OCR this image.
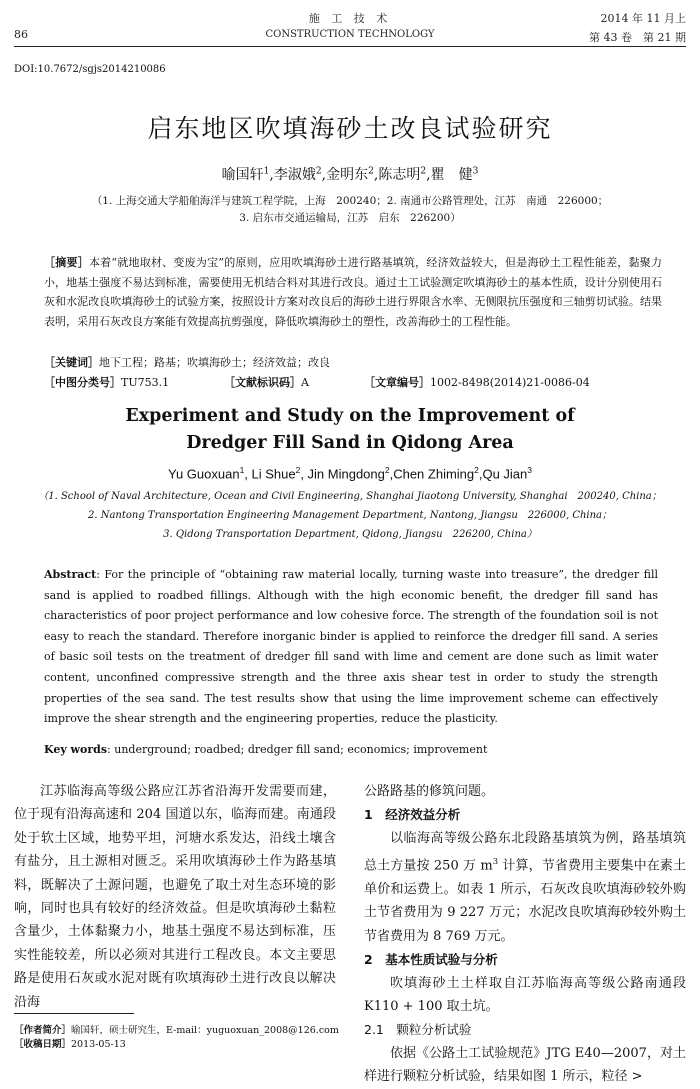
86
施 工 技 术
CONSTRUCTION TECHNOLOGY
2014 年 11 月上
第 43 卷　第 21 期
DOI:10.7672/sgjs2014210086
启东地区吹填海砂土改良试验研究
喻国轩$^1$,李淑娥$^2$,金明东$^2$,陈志明$^2$,瞿　健$^3$
（1. 上海交通大学船舶海洋与建筑工程学院，上海　200240；2. 南通市公路管理处，江苏　南通　226000；
3. 启东市交通运输局，江苏　启东　226200）
［摘要］本着“就地取材、变废为宝”的原则，应用吹填海砂土进行路基填筑，经济效益较大，但是海砂土工程性能差，黏聚力小，地基土强度不易达到标准，需要使用无机结合料对其进行改良。通过土工试验测定吹填海砂土的基本性质，设计分别使用石灰和水泥改良吹填海砂土的试验方案，按照设计方案对改良后的海砂土进行界限含水率、无侧限抗压强度和三轴剪切试验。结果表明，采用石灰改良方案能有效提高抗剪强度，降低吹填海砂土的塑性，改善海砂土的工程性能。
［关键词］地下工程；路基；吹填海砂土；经济效益；改良
［中图分类号］TU753.1	［文献标识码］A	［文章编号］1002-8498(2014)21-0086-04
Experiment and Study on the Improvement of
Dredger Fill Sand in Qidong Area
Yu Guoxuan$^1$, Li Shue$^2$, Jin Mingdong$^2$,Chen Zhiming$^2$,Qu Jian$^3$
（1. School of Naval Architecture, Ocean and Civil Engineering, Shanghai Jiaotong University, Shanghai　200240, China；
2. Nantong Transportation Engineering Management Department, Nantong, Jiangsu　226000, China；
3. Qidong Transportation Department, Qidong, Jiangsu　226200, China）
Abstract: For the principle of “obtaining raw material locally, turning waste into treasure”, the dredger fill sand is applied to roadbed fillings. Although with the high economic benefit, the dredger fill sand has characteristics of poor project performance and low cohesive force. The strength of the foundation soil is not easy to reach the standard. Therefore inorganic binder is applied to reinforce the dredger fill sand. A series of basic soil tests on the treatment of dredger fill sand with lime and cement are done such as limit water content, unconfined compressive strength and the three axis shear test in order to study the strength properties of the sea sand. The test results show that using the lime improvement scheme can effectively improve the shear strength and the engineering properties, reduce the plasticity.
Key words: underground; roadbed; dredger fill sand; economics; improvement

江苏临海高等级公路应江苏省沿海开发需要而建，位于现有沿海高速和 204 国道以东，临海而建。南通段处于软土区域，地势平坦，河塘水系发达，沿线土壤含有盐分，且土源相对匮乏。采用吹填海砂土作为路基填料，既解决了土源问题，也避免了取土对生态环境的影响，同时也具有较好的经济效益。但是吹填海砂土黏粒含量少，土体黏聚力小，地基土强度不易达到标准，压实性能较差，所以必须对其进行工程改良。本文主要思路是使用石灰或水泥对既有吹填海砂土进行改良以解决沿海

［作者简介］喻国轩，硕士研究生，E-mail：yuguoxuan_2008@126.com
［收稿日期］2013-05-13
公路路基的修筑问题。
1　经济效益分析

以临海高等级公路东北段路基填筑为例，路基填筑总土方量按 250 万 $m^3$ 计算，节省费用主要集中在素土单价和运费上。如表 1 所示，石灰改良吹填海砂较外购土节省费用为 9 227 万元；水泥改良吹填海砂较外购土节省费用为 8 769 万元。

2　基本性质试验与分析

吹填海砂土土样取自江苏临海高等级公路南通段 K110 + 100 取土坑。

2.1　颗粒分析试验

依据《公路土工试验规范》JTG E40—2007，对土样进行颗粒分析试验，结果如图 1 所示，粒径 >
